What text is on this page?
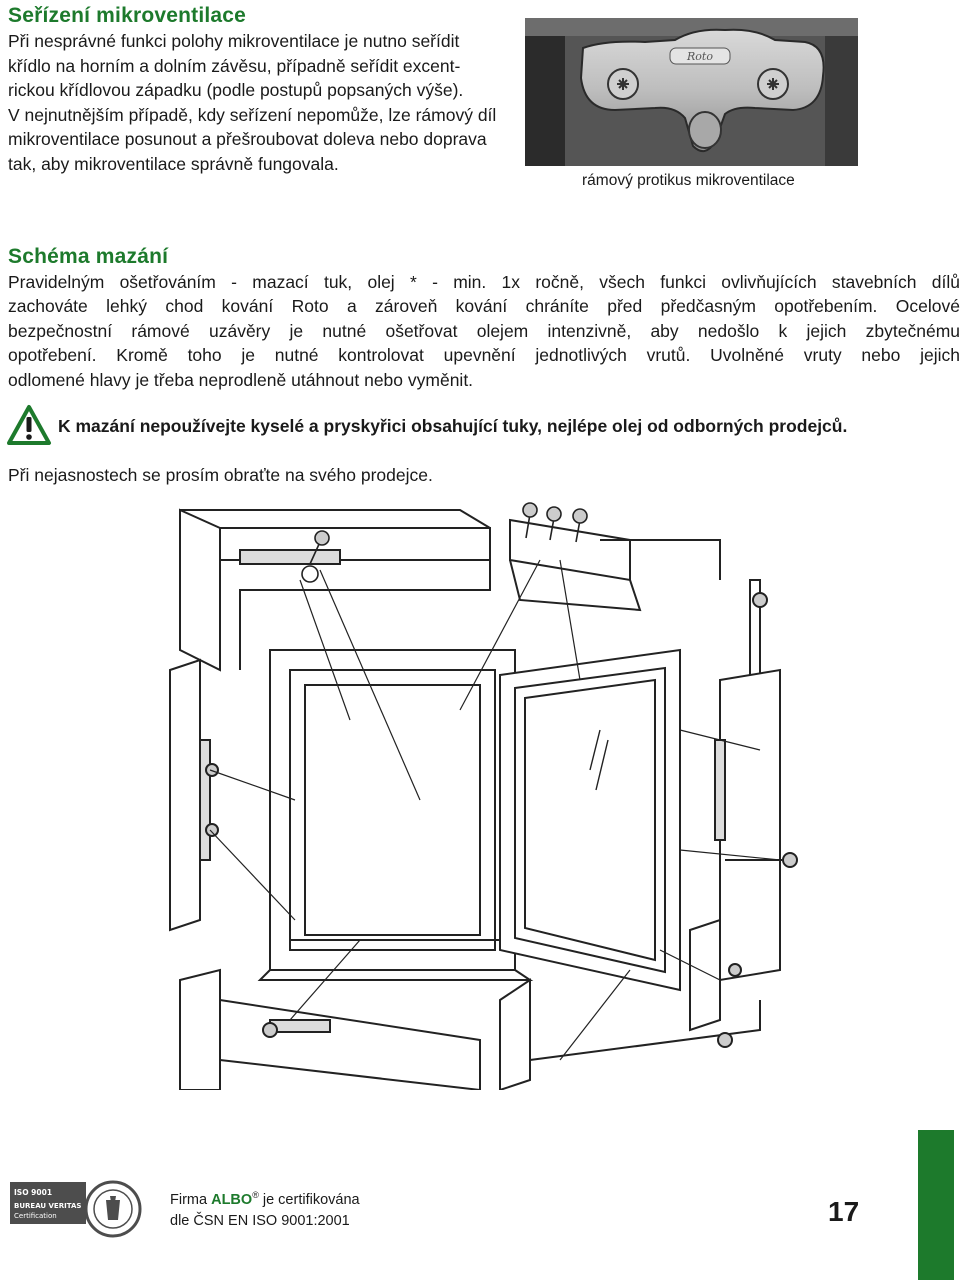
Seřízení mikroventilace
Při nesprávné funkci polohy mikroventilace je nutno seřídit
křídlo na horním a dolním závěsu, případně seřídit excent-
rickou křídlovou západku (podle postupů popsaných výše).
V nejnutnějším případě, kdy seřízení nepomůže, lze rámový díl
mikroventilace posunout a přešroubovat doleva nebo doprava
tak, aby mikroventilace správně fungovala.
Roto
rámový protikus mikroventilace
Schéma mazání
Pravidelným ošetřováním - mazací tuk, olej * - min. 1x ročně, všech funkci ovlivňujících stavebních dílů
zachováte lehký chod kování Roto a zároveň kování chráníte před předčasným opotřebením. Ocelové
bezpečnostní rámové uzávěry je nutné ošetřovat olejem intenzivně, aby nedošlo k jejich zbytečnému
opotřebení. Kromě toho je nutné kontrolovat upevnění jednotlivých vrutů. Uvolněné vruty nebo jejich
odlomené hlavy je třeba neprodleně utáhnout nebo vyměnit.
K mazání nepoužívejte kyselé a pryskyřici obsahující tuky, nejlépe olej od odborných prodejců.
Při nejasnostech se prosím obraťte na svého prodejce.
ISO 9001
BUREAU VERITAS
Certification
Firma ALBO® je certifikována
dle ČSN EN ISO 9001:2001	17
